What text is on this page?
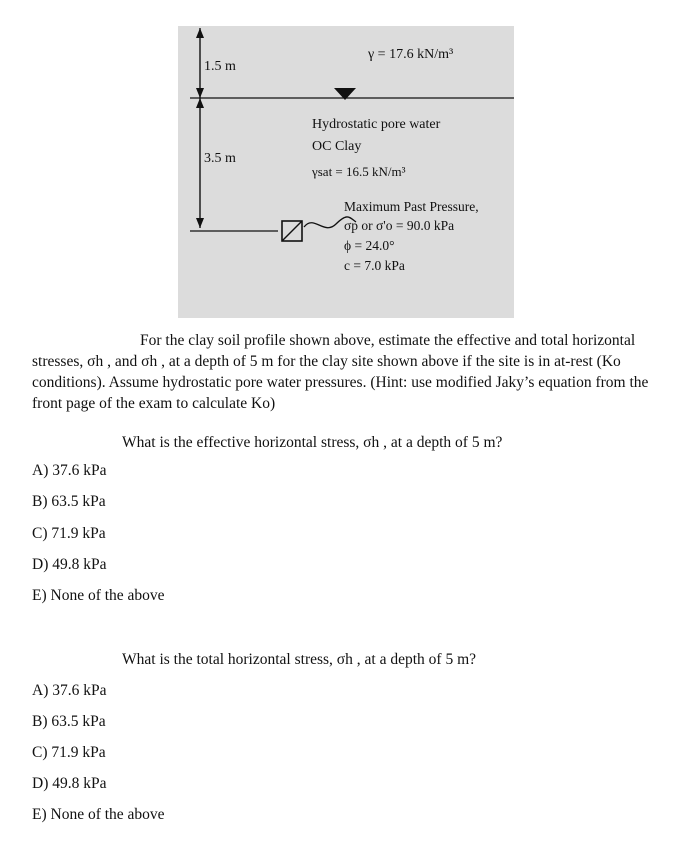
1.5 m
3.5 m
γ = 17.6 kN/m³
Hydrostatic pore water
OC Clay
γsat = 16.5 kN/m³
Maximum Past Pressure,
σp or σ'o = 90.0 kPa
ϕ = 24.0°
c = 7.0 kPa
For the clay soil profile shown above, estimate the effective and total horizontal stresses, σh , and σh , at a depth of 5 m for the clay site shown above if the site is in at-rest (Ko conditions). Assume hydrostatic pore water pressures. (Hint: use modified Jaky’s equation from the front page of the exam to calculate Ko)
What is the effective horizontal stress, σh , at a depth of 5 m?
A) 37.6 kPa
B) 63.5 kPa
C) 71.9 kPa
D) 49.8 kPa
E) None of the above
What is the total horizontal stress, σh , at a depth of 5 m?
A) 37.6 kPa
B) 63.5 kPa
C) 71.9 kPa
D) 49.8 kPa
E) None of the above
